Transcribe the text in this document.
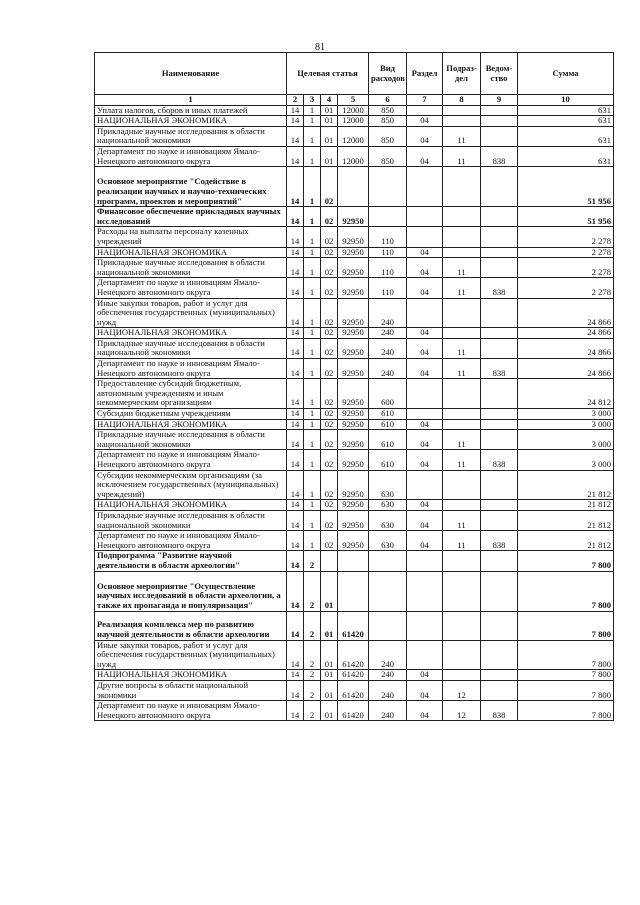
81
Наименование	Целевая статья				Вид расходов	Раздел	Подраз-дел	Ведом-ство	Сумма
1	2	3	4	5	6	7	8	9	10
Уплата налогов, сборов и иных платежей	14	1	01	12000	850				631
НАЦИОНАЛЬНАЯ ЭКОНОМИКА	14	1	01	12000	850	04			631
Прикладные научные исследования в области национальной экономики	14	1	01	12000	850	04	11		631
Департамент по науке и инновациям Ямало-Ненецкого автономного округа	14	1	01	12000	850	04	11	838	631
Основное мероприятие "Содействие в реализации научных и научно-технических программ, проектов и мероприятий"	14	1	02						51 956
Финансовое обеспечение прикладных научных исследований	14	1	02	92950					51 956
Расходы на выплаты персоналу казенных учреждений	14	1	02	92950	110				2 278
НАЦИОНАЛЬНАЯ ЭКОНОМИКА	14	1	02	92950	110	04			2 278
Прикладные научные исследования в области национальной экономики	14	1	02	92950	110	04	11		2 278
Департамент по науке и инновациям Ямало-Ненецкого автономного округа	14	1	02	92950	110	04	11	838	2 278
Иные закупки товаров, работ и услуг для обеспечения государственных (муниципальных) нужд	14	1	02	92950	240				24 866
НАЦИОНАЛЬНАЯ ЭКОНОМИКА	14	1	02	92950	240	04			24 866
Прикладные научные исследования в области национальной экономики	14	1	02	92950	240	04	11		24 866
Департамент по науке и инновациям Ямало-Ненецкого автономного округа	14	1	02	92950	240	04	11	838	24 866
Предоставление субсидий бюджетным, автономным учреждениям и иным некоммерческим организациям	14	1	02	92950	600				24 812
Субсидии бюджетным учреждениям	14	1	02	92950	610				3 000
НАЦИОНАЛЬНАЯ ЭКОНОМИКА	14	1	02	92950	610	04			3 000
Прикладные научные исследования в области национальной экономики	14	1	02	92950	610	04	11		3 000
Департамент по науке и инновациям Ямало-Ненецкого автономного округа	14	1	02	92950	610	04	11	838	3 000
Субсидии некоммерческим организациям (за исключением государственных (муниципальных) учреждений)	14	1	02	92950	630				21 812
НАЦИОНАЛЬНАЯ ЭКОНОМИКА	14	1	02	92950	630	04			21 812
Прикладные научные исследования в области национальной экономики	14	1	02	92950	630	04	11		21 812
Департамент по науке и инновациям Ямало-Ненецкого автономного округа	14	1	02	92950	630	04	11	838	21 812
Подпрограмма "Развитие научной деятельности в области археологии"	14	2							7 800
Основное мероприятие "Осуществление научных исследований в области археологии, а также их пропаганда и популяризация"	14	2	01						7 800
Реализация комплекса мер по развитию научной деятельности в области археологии	14	2	01	61420					7 800
Иные закупки товаров, работ и услуг для обеспечения государственных (муниципальных) нужд	14	2	01	61420	240				7 800
НАЦИОНАЛЬНАЯ ЭКОНОМИКА	14	2	01	61420	240	04			7 800
Другие вопросы в области национальной экономики	14	2	01	61420	240	04	12		7 800
Департамент по науке и инновациям Ямало-Ненецкого автономного округа	14	2	01	61420	240	04	12	838	7 800
